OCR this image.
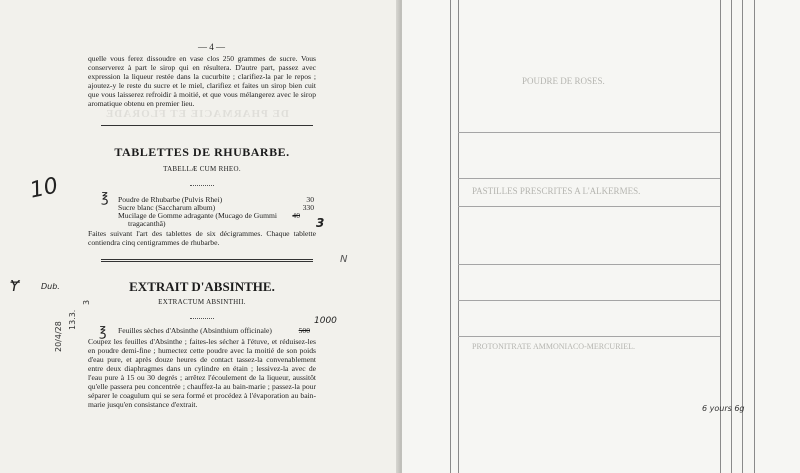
DE PHARMACIE ET FLORADE
— 4 —
quelle vous ferez dissoudre en vase clos 250 grammes de sucre. Vous conserverez à part le sirop qui en résultera. D'autre part, passez avec expression la liqueur restée dans la cucurbite ; clarifiez-la par le repos ; ajoutez-y le reste du sucre et le miel, clarifiez et faites un sirop bien cuit que vous laisserez refroidir à moitié, et que vous mélangerez avec le sirop aromatique obtenu en premier lieu.
TABLETTES DE RHUBARBE.
TABELLÆ CUM RHEO.
℥ Poudre de Rhubarbe (Pulvis Rhei)	30
Sucre blanc (Saccharum album)	330
Mucilage de Gomme adragante (Mucago de Gummi 40
tragacanthâ)
Faites suivant l'art des tablettes de six décigrammes. Chaque tablette contiendra cinq centigrammes de rhubarbe.
EXTRAIT D'ABSINTHE.
EXTRACTUM ABSINTHII.
℥ Feuilles sèches d'Absinthe (Absinthium officinale)	500
Coupez les feuilles d'Absinthe ; faites-les sécher à l'étuve, et réduisez-les en poudre demi-fine ; humectez cette poudre avec la moitié de son poids d'eau pure, et après douze heures de contact tassez-la convenablement entre deux diaphragmes dans un cylindre en étain ; lessivez-la avec de l'eau pure à 15 ou 30 degrés ; arrêtez l'écoulement de la liqueur, aussitôt qu'elle passera peu concentrée ; chauffez-la au bain-marie ; passez-la pour séparer le coagulum qui se sera formé et procédez à l'évaporation au bain-marie jusqu'en consistance d'extrait.
10
Ɏ	Dub.
3
1000
N
20/4/28
13.3.
3
POUDRE DE ROSES.
PASTILLES PRESCRITES A L'ALKERMES.
PROTONITRATE AMMONIACO-MERCURIEL.
6 yours 6g
